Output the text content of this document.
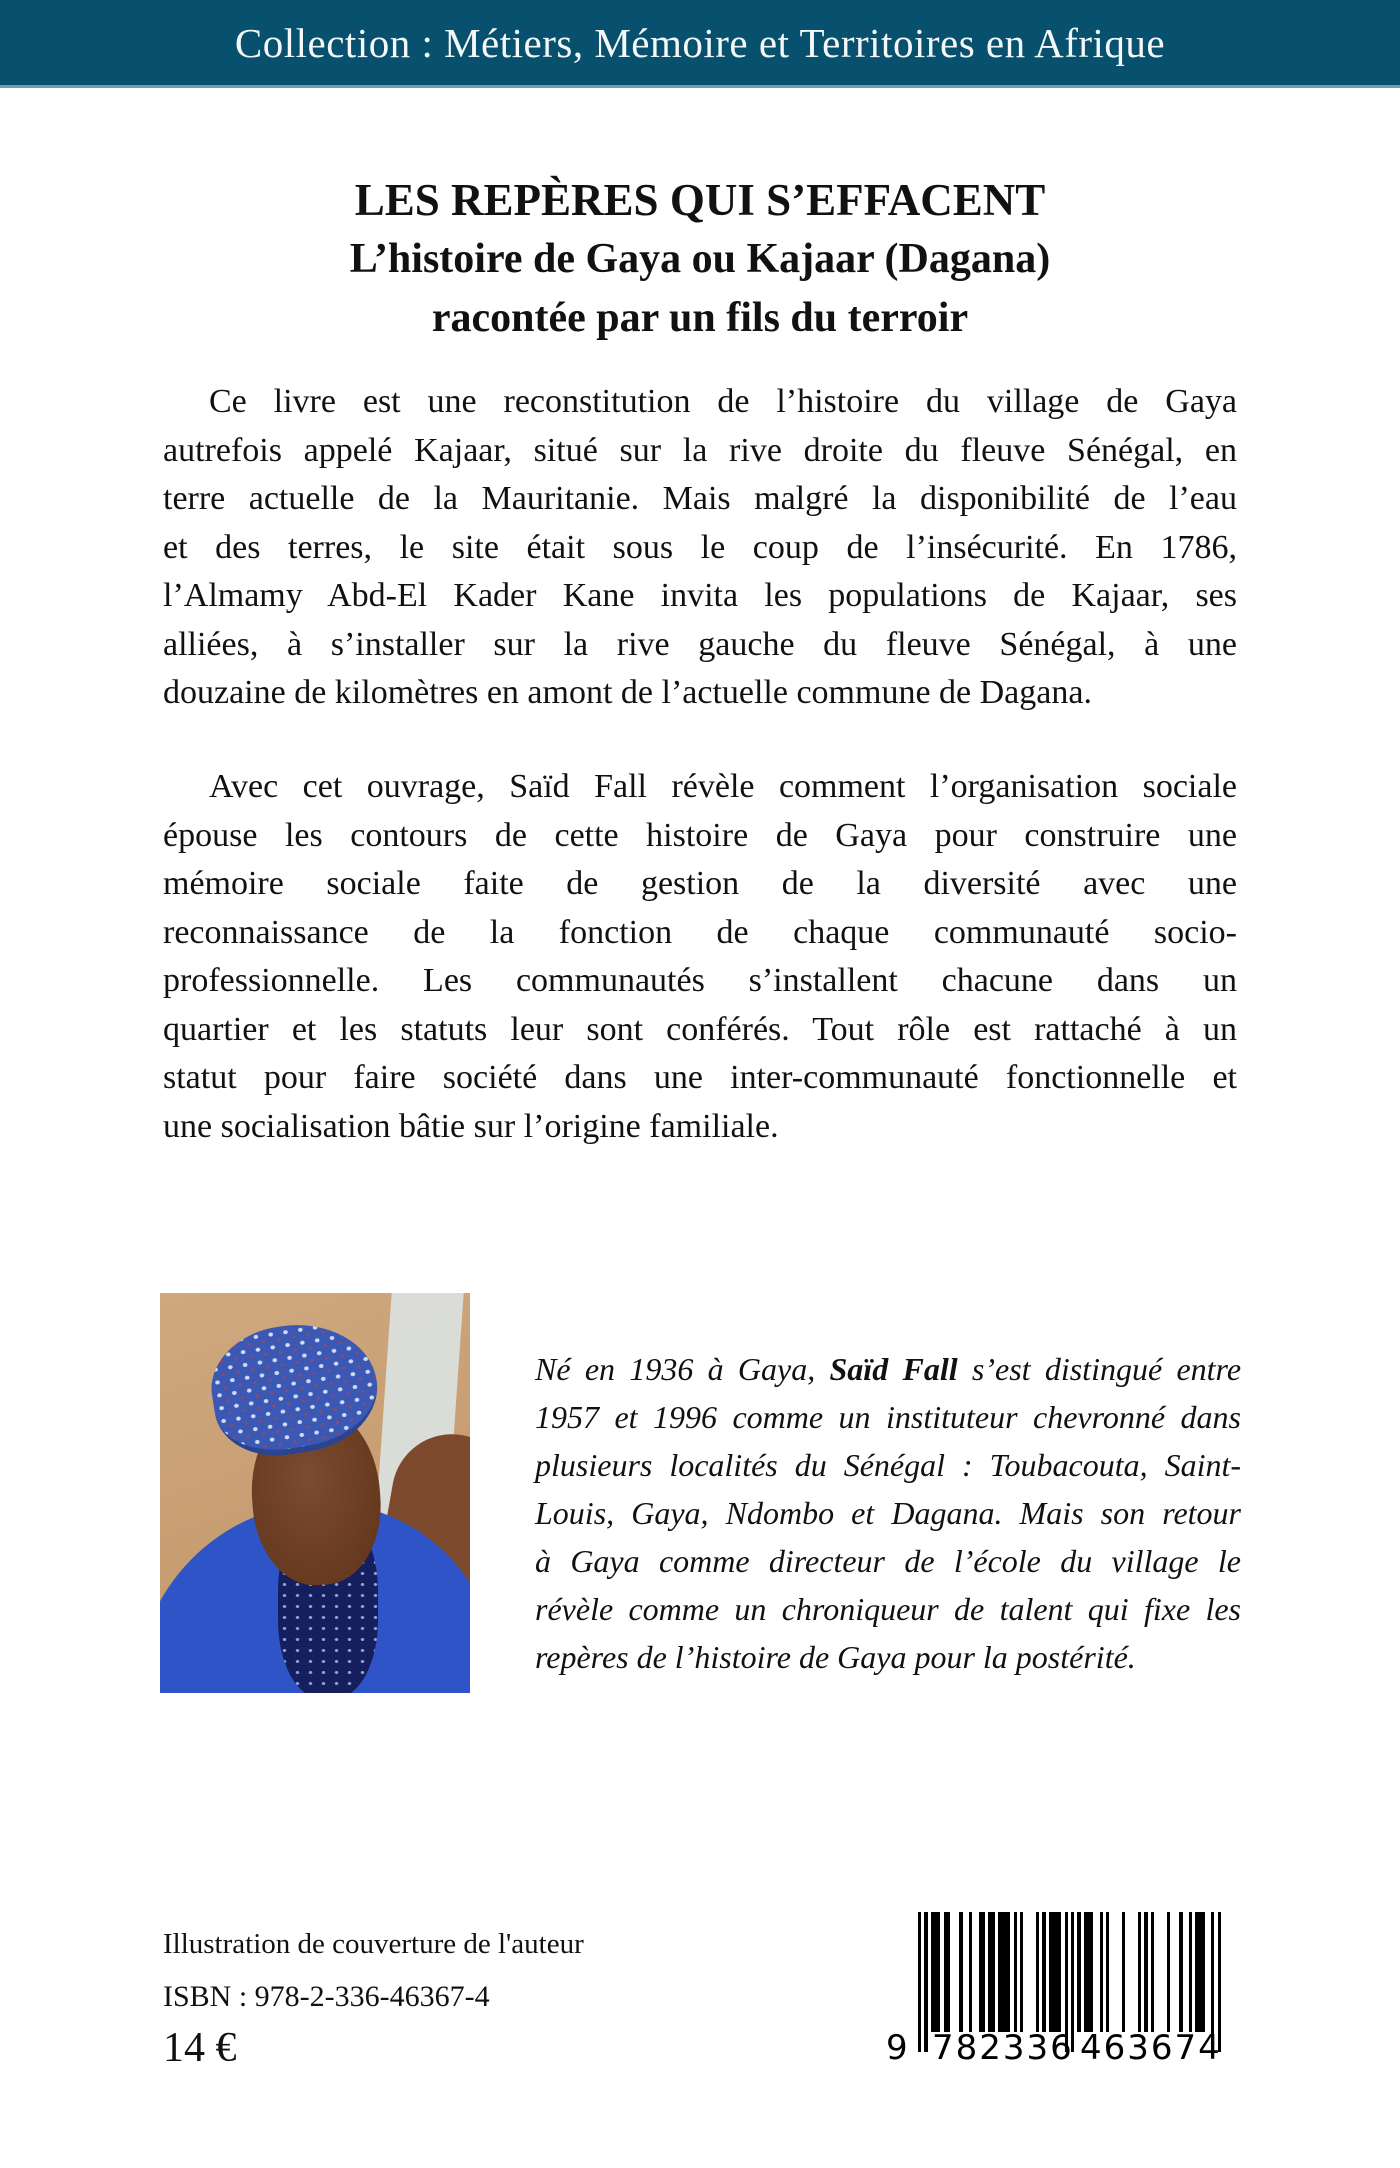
Collection : Métiers, Mémoire et Territoires en Afrique
LES REPÈRES QUI S’EFFACENT
L’histoire de Gaya ou Kajaar (Dagana)
racontée par un fils du terroir
Ce livre est une reconstitution de l’histoire du village de Gaya
autrefois appelé Kajaar, situé sur la rive droite du fleuve Sénégal, en
terre actuelle de la Mauritanie. Mais malgré la disponibilité de l’eau
et des terres, le site était sous le coup de l’insécurité. En 1786,
l’Almamy Abd-El Kader Kane invita les populations de Kajaar, ses
alliées, à s’installer sur la rive gauche du fleuve Sénégal, à une
douzaine de kilomètres en amont de l’actuelle commune de Dagana.
Avec cet ouvrage, Saïd Fall révèle comment l’organisation sociale
épouse les contours de cette histoire de Gaya pour construire une
mémoire sociale faite de gestion de la diversité avec une
reconnaissance de la fonction de chaque communauté socio-
professionnelle. Les communautés s’installent chacune dans un
quartier et les statuts leur sont conférés. Tout rôle est rattaché à un
statut pour faire société dans une inter-communauté fonctionnelle et
une socialisation bâtie sur l’origine familiale.
Né en 1936 à Gaya, Saïd Fall s’est distingué entre
1957 et 1996 comme un instituteur chevronné dans
plusieurs localités du Sénégal : Toubacouta, Saint-
Louis, Gaya, Ndombo et Dagana. Mais son retour
à Gaya comme directeur de l’école du village le
révèle comme un chroniqueur de talent qui fixe les
repères de l’histoire de Gaya pour la postérité.

Illustration de couverture de l'auteur

ISBN : 978-2-336-46367-4

14 €	9 782336 463674
